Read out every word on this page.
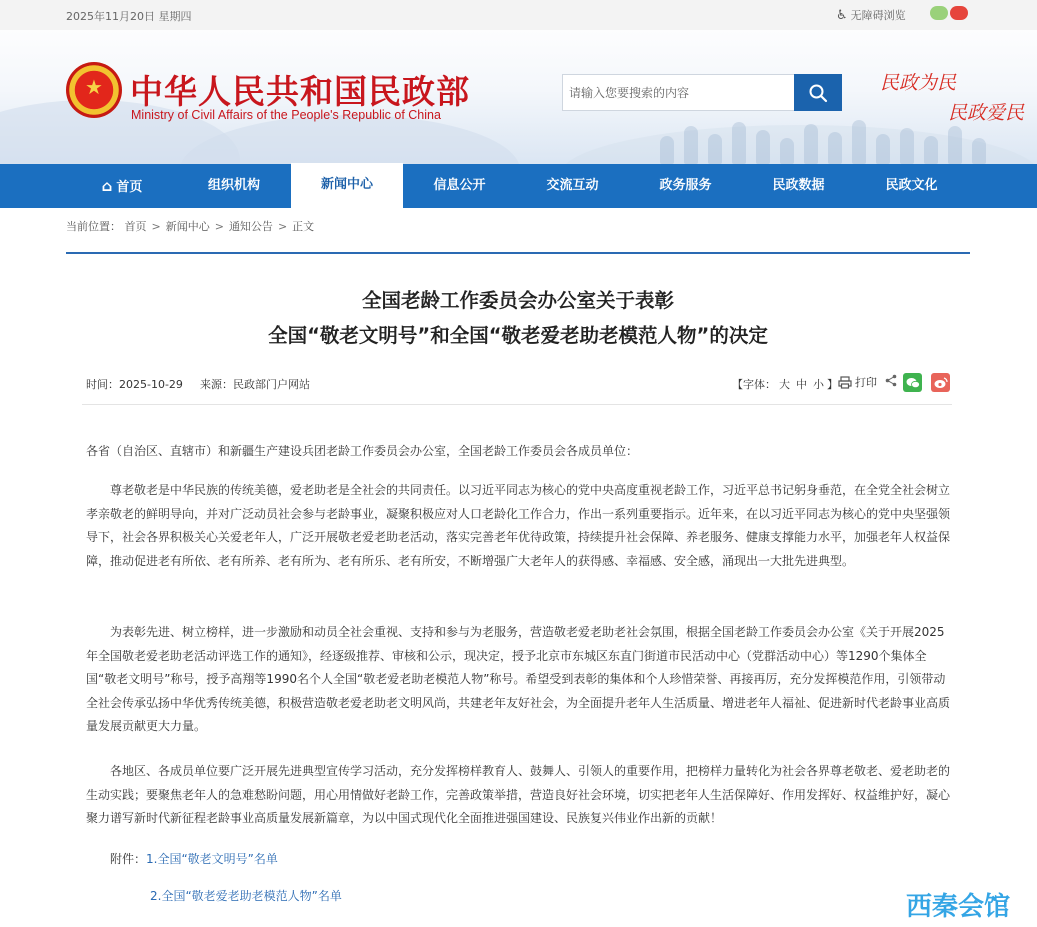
2025年11月20日 星期四	♿ 无障碍浏览
★ 中华人民共和国民政部
Ministry of Civil Affairs of the People's Republic of China
请输入您要搜索的内容
民政为民
民政爱民
⌂ 首页	组织机构	新闻中心	信息公开	交流互动	政务服务	民政数据	民政文化
当前位置： 首页 > 新闻中心 > 通知公告 > 正文
全国老龄工作委员会办公室关于表彰
全国“敬老文明号”和全国“敬老爱老助老模范人物”的决定
时间：2025-10-29 来源：民政部门户网站	【字体： 大 中 小 】 打印
各省（自治区、直辖市）和新疆生产建设兵团老龄工作委员会办公室，全国老龄工作委员会各成员单位：
尊老敬老是中华民族的传统美德，爱老助老是全社会的共同责任。以习近平同志为核心的党中央高度重视老龄工作，习近平总书记躬身垂范，在全党全社会树立孝亲敬老的鲜明导向，并对广泛动员社会参与老龄事业，凝聚积极应对人口老龄化工作合力，作出一系列重要指示。近年来，在以习近平同志为核心的党中央坚强领导下，社会各界积极关心关爱老年人，广泛开展敬老爱老助老活动，落实完善老年优待政策，持续提升社会保障、养老服务、健康支撑能力水平，加强老年人权益保障，推动促进老有所依、老有所养、老有所为、老有所乐、老有所安，不断增强广大老年人的获得感、幸福感、安全感，涌现出一大批先进典型。
为表彰先进、树立榜样，进一步激励和动员全社会重视、支持和参与为老服务，营造敬老爱老助老社会氛围，根据全国老龄工作委员会办公室《关于开展2025年全国敬老爱老助老活动评选工作的通知》，经逐级推荐、审核和公示，现决定，授予北京市东城区东直门街道市民活动中心（党群活动中心）等1290个集体全国“敬老文明号”称号，授予高翔等1990名个人全国“敬老爱老助老模范人物”称号。希望受到表彰的集体和个人珍惜荣誉、再接再厉，充分发挥模范作用，引领带动全社会传承弘扬中华优秀传统美德，积极营造敬老爱老助老文明风尚，共建老年友好社会，为全面提升老年人生活质量、增进老年人福祉、促进新时代老龄事业高质量发展贡献更大力量。
各地区、各成员单位要广泛开展先进典型宣传学习活动，充分发挥榜样教育人、鼓舞人、引领人的重要作用，把榜样力量转化为社会各界尊老敬老、爱老助老的生动实践；要聚焦老年人的急难愁盼问题，用心用情做好老龄工作，完善政策举措，营造良好社会环境，切实把老年人生活保障好、作用发挥好、权益维护好，凝心聚力谱写新时代新征程老龄事业高质量发展新篇章，为以中国式现代化全面推进强国建设、民族复兴伟业作出新的贡献！
附件：1.全国“敬老文明号”名单
2.全国“敬老爱老助老模范人物”名单	西秦会馆
